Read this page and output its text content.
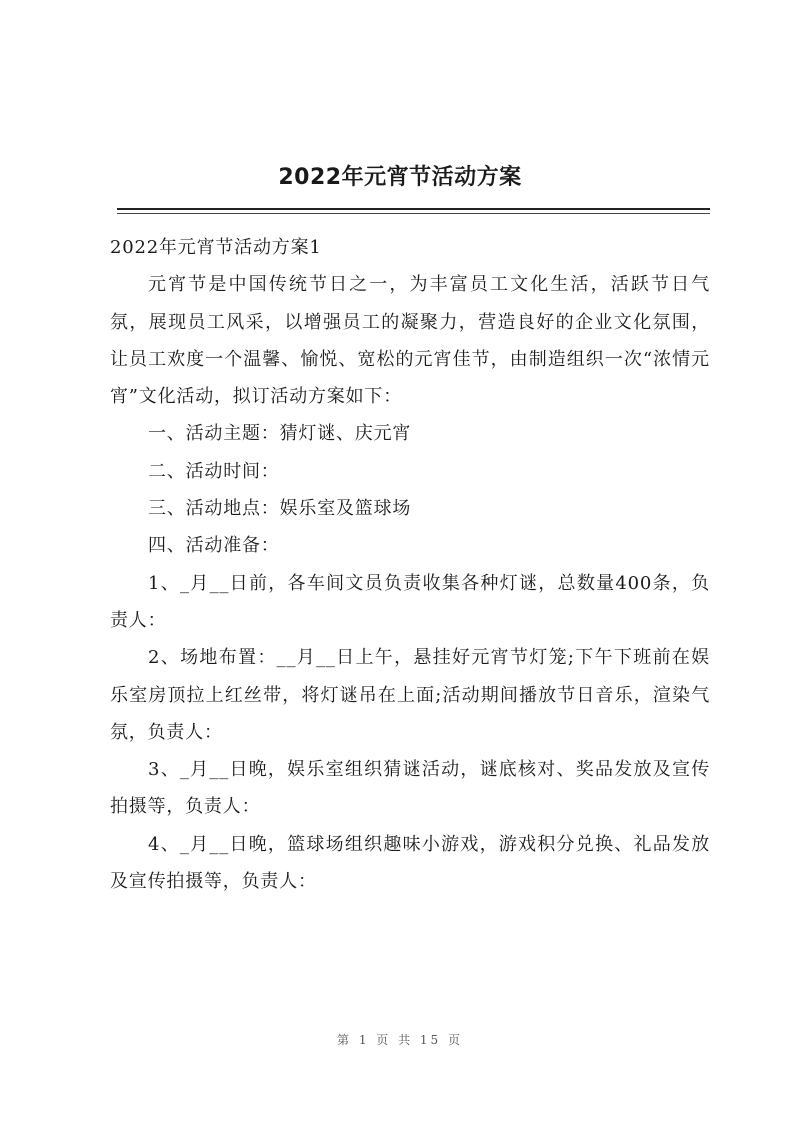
2022年元宵节活动方案

2022年元宵节活动方案1

元宵节是中国传统节日之一，为丰富员工文化生活，活跃节日气氛，展现员工风采，以增强员工的凝聚力，营造良好的企业文化氛围，让员工欢度一个温馨、愉悦、宽松的元宵佳节，由制造组织一次“浓情元宵”文化活动，拟订活动方案如下：

一、活动主题：猜灯谜、庆元宵

二、活动时间：

三、活动地点：娱乐室及篮球场

四、活动准备：

1、_月__日前，各车间文员负责收集各种灯谜，总数量400条，负责人：

2、场地布置：__月__日上午，悬挂好元宵节灯笼;下午下班前在娱乐室房顶拉上红丝带，将灯谜吊在上面;活动期间播放节日音乐，渲染气氛，负责人：

3、_月__日晚，娱乐室组织猜谜活动，谜底核对、奖品发放及宣传拍摄等，负责人：

4、_月__日晚，篮球场组织趣味小游戏，游戏积分兑换、礼品发放及宣传拍摄等，负责人：

第 1 页 共 15 页
